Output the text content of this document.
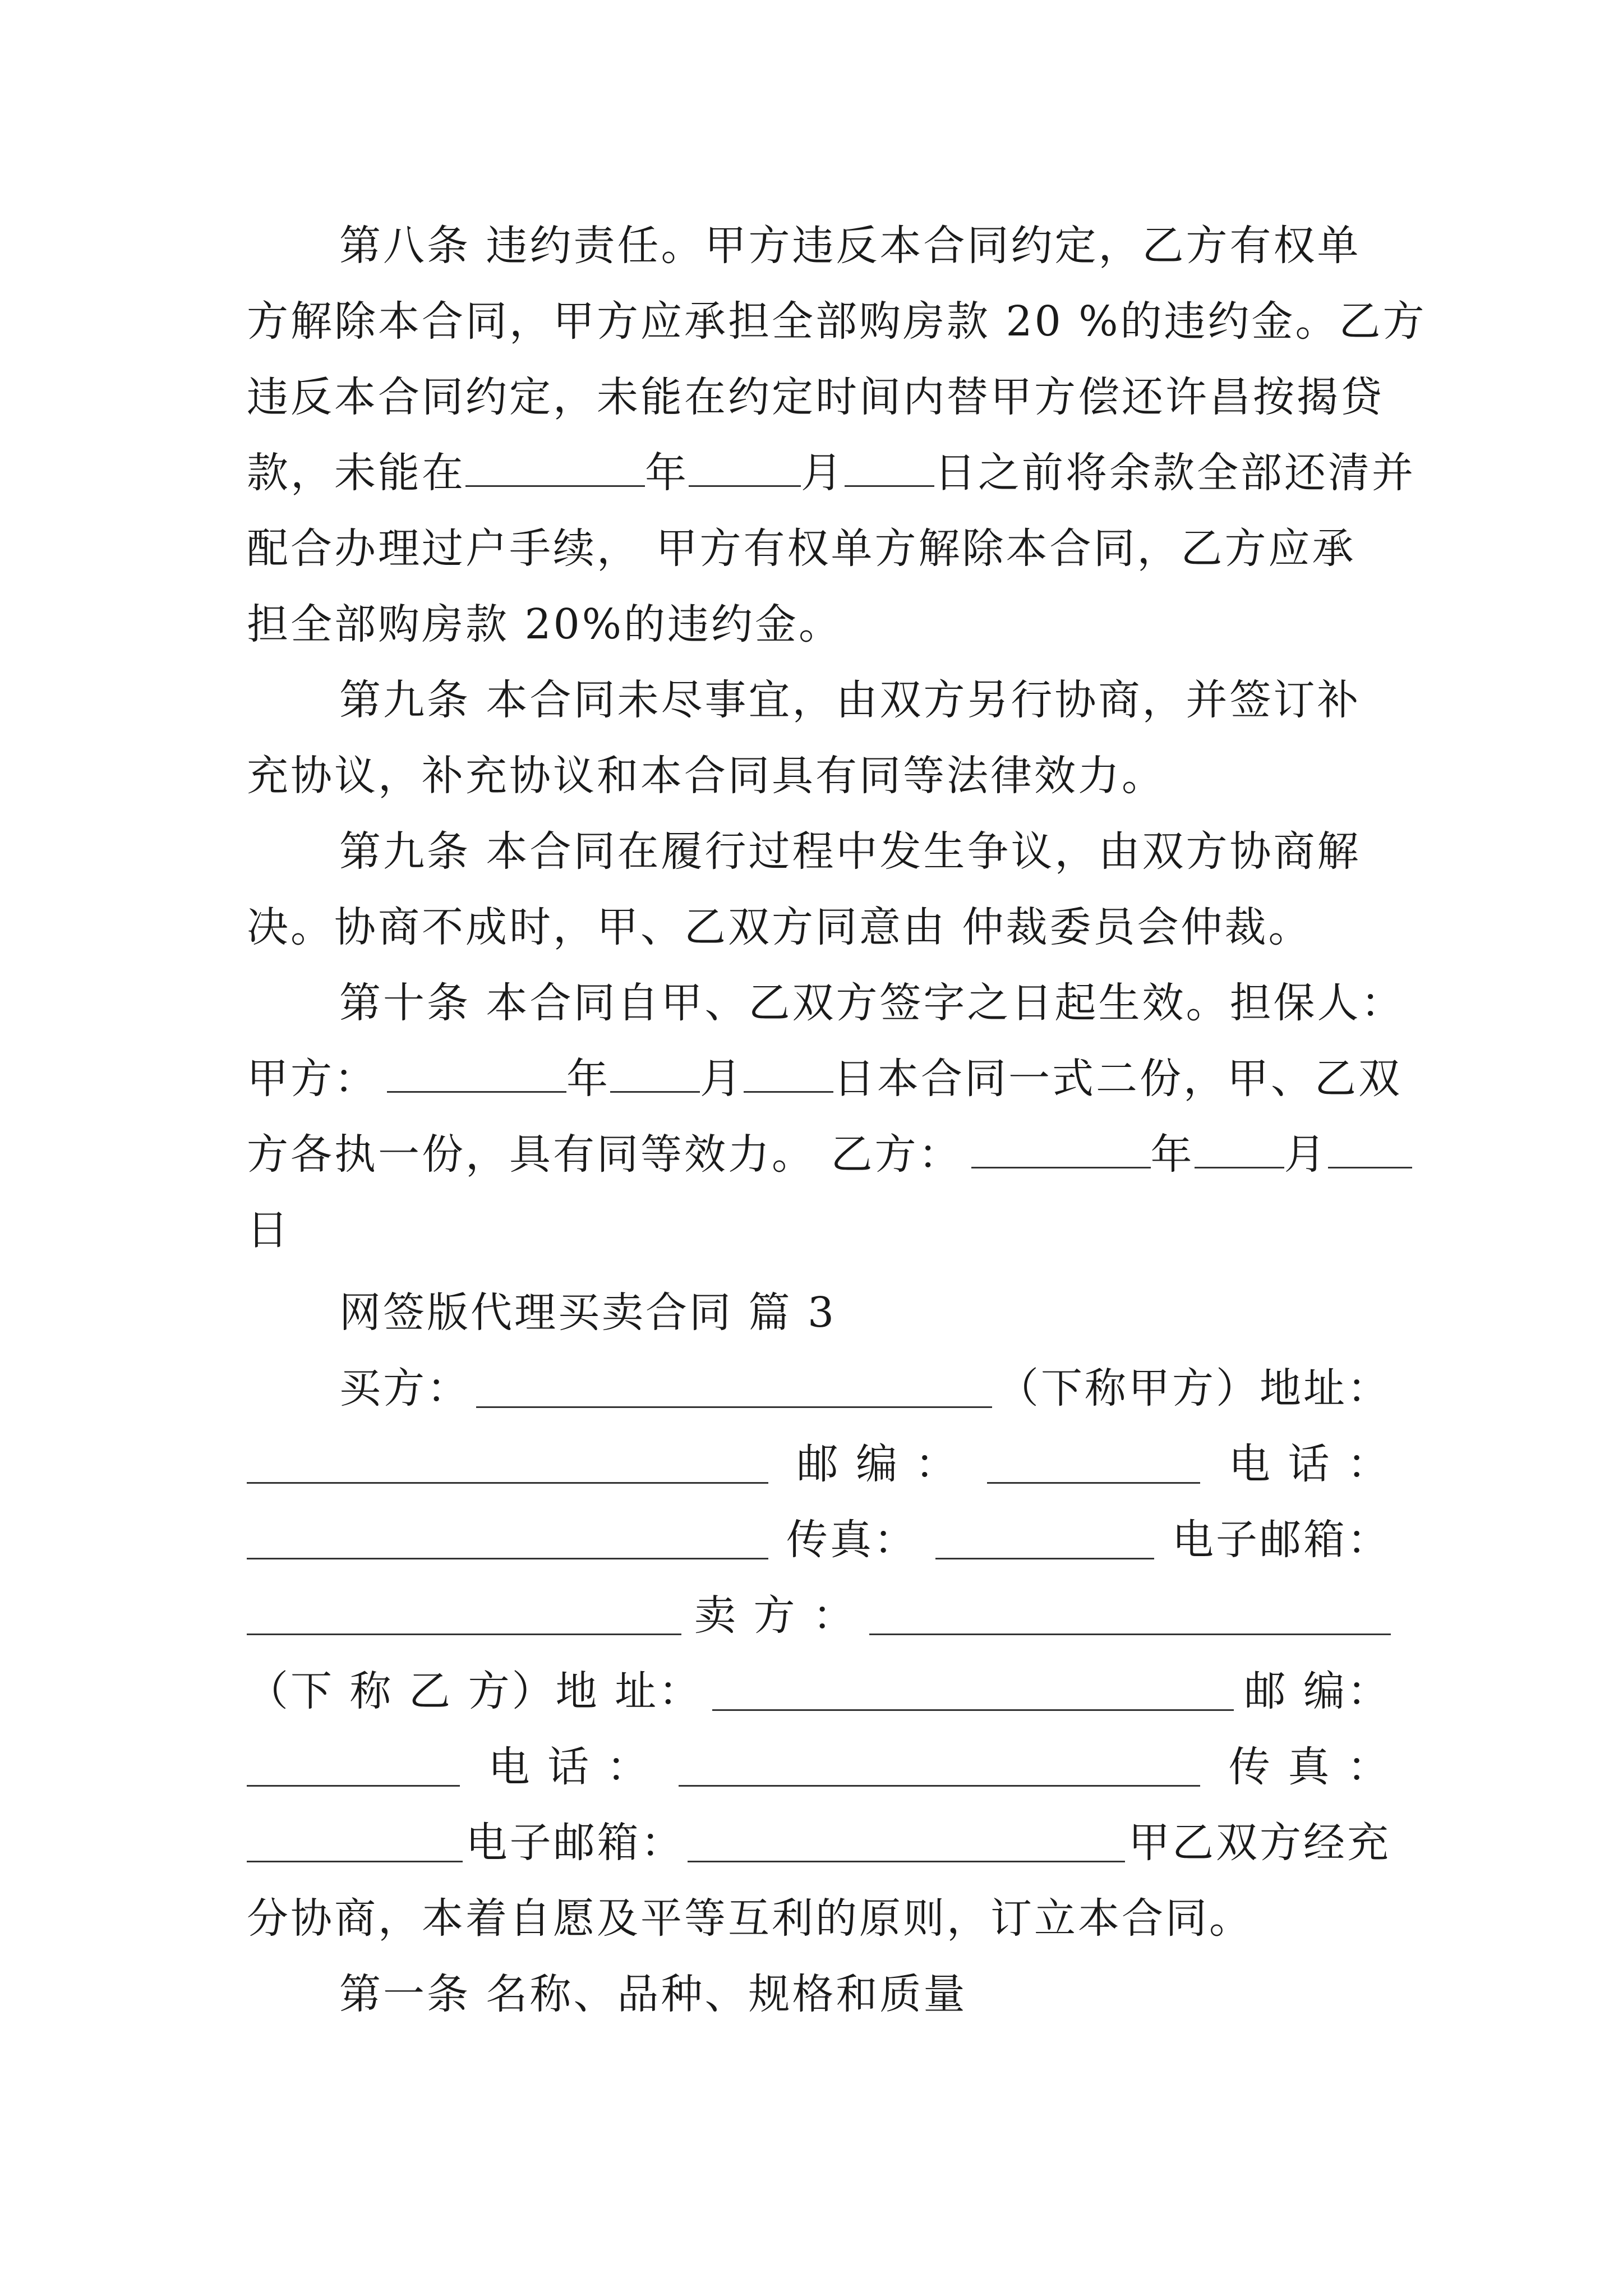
第八条 违约责任。甲方违反本合同约定，乙方有权单
方解除本合同，甲方应承担全部购房款 20 %的违约金。乙方
违反本合同约定，未能在约定时间内替甲方偿还许昌按揭贷
款，未能在	年	月 日之前将余款全部还清并
配合办理过户手续， 甲方有权单方解除本合同，乙方应承
担全部购房款 20%的违约金。
第九条 本合同未尽事宜，由双方另行协商，并签订补
充协议，补充协议和本合同具有同等法律效力。
第九条 本合同在履行过程中发生争议，由双方协商解
决。协商不成时，甲、乙双方同意由 仲裁委员会仲裁。
第十条 本合同自甲、乙双方签字之日起生效。担保人：
甲方：	年 月 日本合同一式二份，甲、乙双
方各执一份，具有同等效力。 乙方：	年 月
日
网签版代理买卖合同 篇 3
买方：	（下称甲方）地址：
邮 编 ：	电 话 ：
传真：	电子邮箱：
卖 方 ：
（下 称 乙 方）地 址：	邮 编：
电 话 ：	传 真 ：
电子邮箱：	甲乙双方经充
分协商，本着自愿及平等互利的原则，订立本合同。
第一条 名称、品种、规格和质量
